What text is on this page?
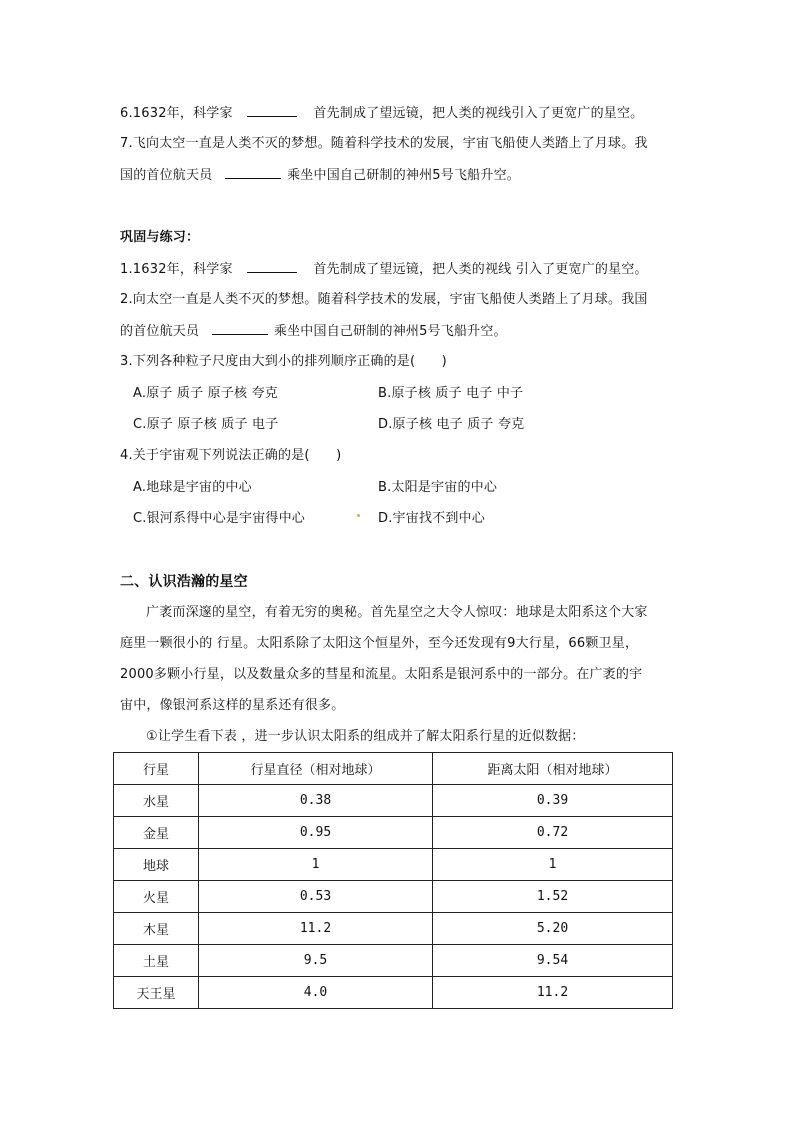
6.1632年，科学家	首先制成了望远镜，把人类的视线引入了更宽广的星空。
7.飞向太空一直是人类不灭的梦想。随着科学技术的发展，宇宙飞船使人类踏上了月球。我
国的首位航天员	乘坐中国自己研制的神州5号飞船升空。
巩固与练习：
1.1632年，科学家	首先制成了望远镜，把人类的视线 引入了更宽广的星空。
2.向太空一直是人类不灭的梦想。随着科学技术的发展，宇宙飞船使人类踏上了月球。我国
的首位航天员	乘坐中国自己研制的神州5号飞船升空。
3.下列各种粒子尺度由大到小的排列顺序正确的是(　　)
A.原子 质子 原子核 夸克	B.原子核 质子 电子 中子
C.原子 原子核 质子 电子	D.原子核 电子 质子 夸克
4.关于宇宙观下列说法正确的是(　　)
A.地球是宇宙的中心	B.太阳是宇宙的中心
C.银河系得中心是宇宙得中心	D.宇宙找不到中心
二、认识浩瀚的星空
广袤而深邃的星空，有着无穷的奥秘。首先星空之大令人惊叹：地球是太阳系这个大家
庭里一颗很小的 行星。太阳系除了太阳这个恒星外，至今还发现有9大行星，66颗卫星，
2000多颗小行星，以及数量众多的彗星和流星。太阳系是银河系中的一部分。在广袤的宇
宙中，像银河系这样的星系还有很多。
①让学生看下表 ，进一步认识太阳系的组成并了解太阳系行星的近似数据：
行星	行星直径（相对地球）	距离太阳（相对地球）
水星	0.38	0.39
金星	0.95	0.72
地球	1	1
火星	0.53	1.52
木星	11.2	5.20
土星	9.5	9.54
天王星	4.0	11.2
